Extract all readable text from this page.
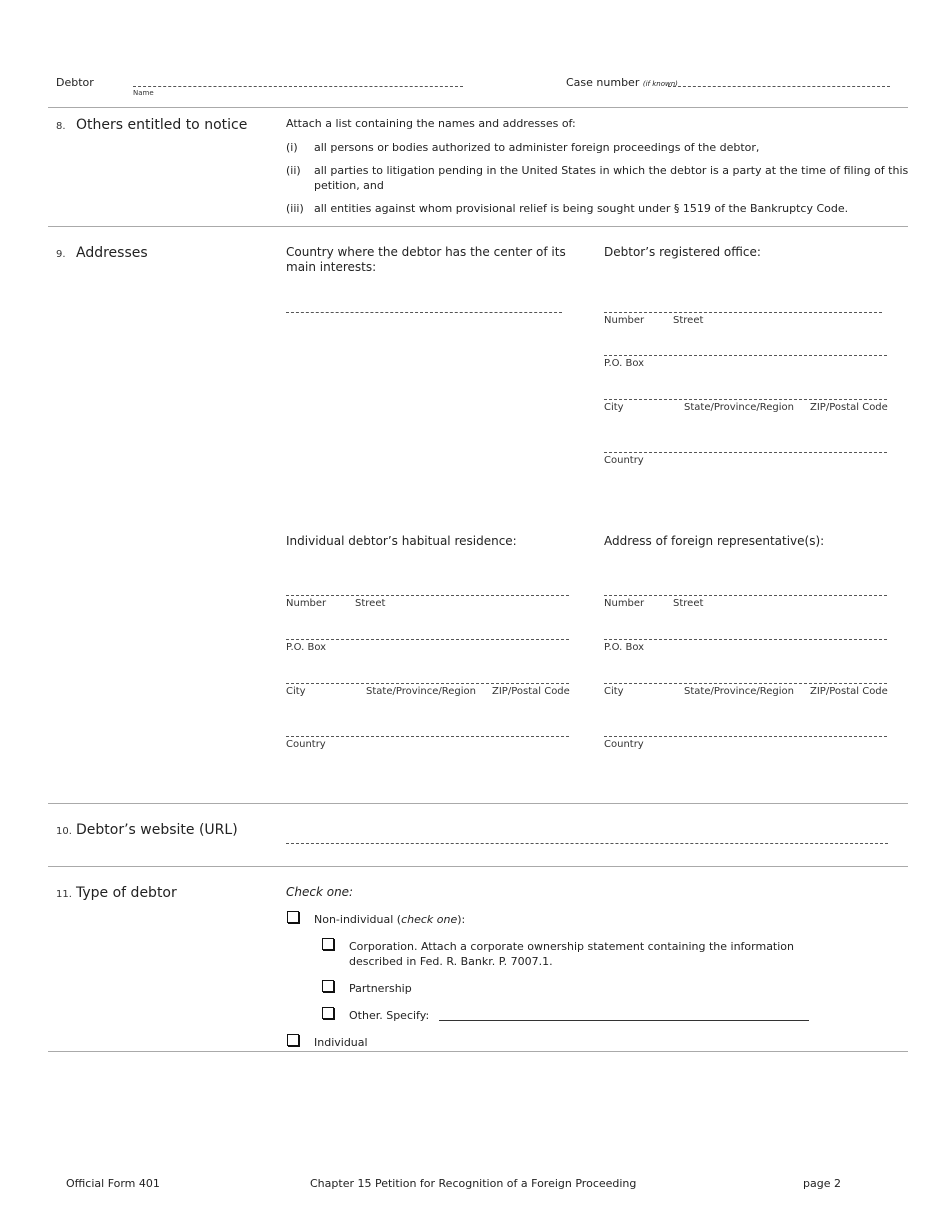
Debtor
Name
Case number (if known)
8. Others entitled to notice	Attach a list containing the names and addresses of:
(i) all persons or bodies authorized to administer foreign proceedings of the debtor,
(ii) all parties to litigation pending in the United States in which the debtor is a party at the time of filing of this
petition, and
(iii) all entities against whom provisional relief is being sought under § 1519 of the Bankruptcy Code.
9. Addresses	Country where the debtor has the center of its
main interests:
Debtor’s registered office:
Number	Street
P.O. Box
City	State/Province/Region ZIP/Postal Code
Country
Individual debtor’s habitual residence:
Number	Street
P.O. Box
City	State/Province/Region ZIP/Postal Code
Country
Address of foreign representative(s):
Number	Street
P.O. Box
City	State/Province/Region ZIP/Postal Code
Country
10. Debtor’s website (URL)
11. Type of debtor	Check one:
Non-individual (check one):
Corporation. Attach a corporate ownership statement containing the information
described in Fed. R. Bankr. P. 7007.1.
Partnership
Other. Specify:
Individual
Official Form 401	Chapter 15 Petition for Recognition of a Foreign Proceeding	page 2
